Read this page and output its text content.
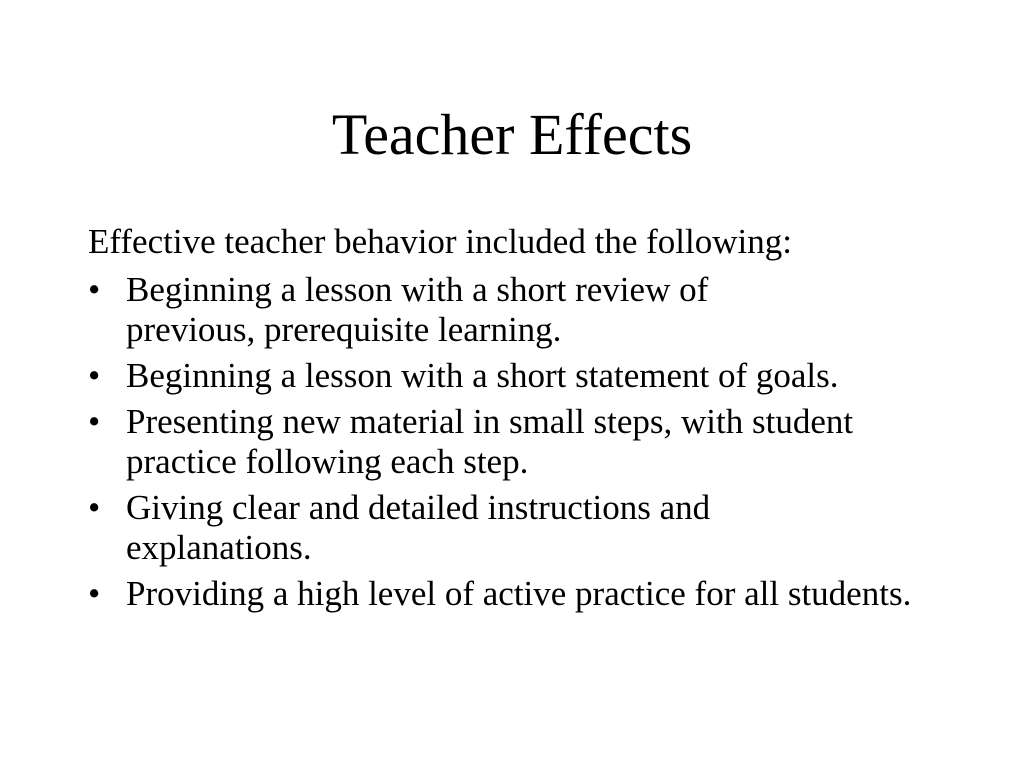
Teacher Effects

Effective teacher behavior included the following:

• Beginning a lesson with a short review of previous, prerequisite learning.
• Beginning a lesson with a short statement of goals.
• Presenting new material in small steps, with student practice following each step.
• Giving clear and detailed instructions and explanations.
• Providing a high level of active practice for all students.
